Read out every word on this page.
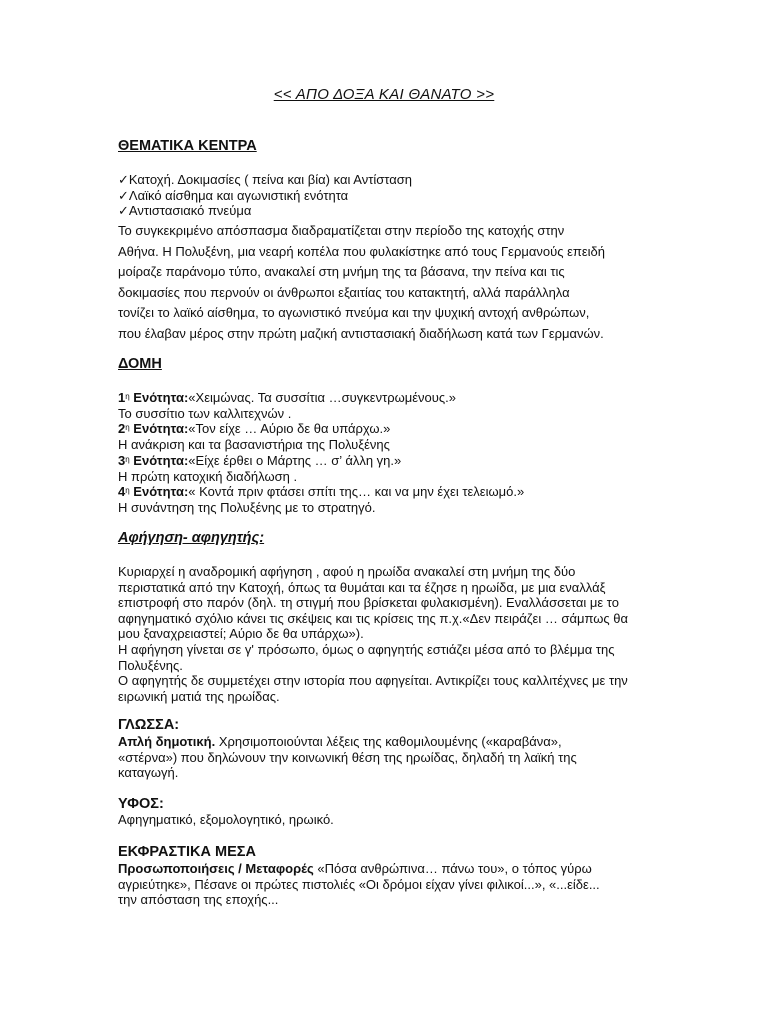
<< ΑΠΟ ΔΟΞΑ ΚΑΙ ΘΑΝΑΤΟ >>
ΘΕΜΑΤΙΚΑ ΚΕΝΤΡΑ
✓ Κατοχή. Δοκιμασίες ( πείνα και βία) και Αντίσταση
✓ Λαϊκό αίσθημα και αγωνιστική ενότητα
✓ Αντιστασιακό πνεύμα
Το συγκεκριμένο απόσπασμα διαδραματίζεται στην περίοδο της κατοχής στην
Αθήνα. Η Πολυξένη, μια νεαρή κοπέλα που φυλακίστηκε από τους Γερμανούς επειδή
μοίραζε παράνομο τύπο, ανακαλεί στη μνήμη της τα βάσανα, την πείνα και τις
δοκιμασίες που περνούν οι άνθρωποι εξαιτίας του κατακτητή, αλλά παράλληλα
τονίζει το λαϊκό αίσθημα, το αγωνιστικό πνεύμα και την ψυχική αντοχή ανθρώπων,
που έλαβαν μέρος στην πρώτη μαζική αντιστασιακή διαδήλωση κατά των Γερμανών.
ΔΟΜΗ
$1^\eta$ Ενότητα:«Χειμώνας. Τα συσσίτια …συγκεντρωμένους.»
Το συσσίτιο των καλλιτεχνών .
$2^\eta$ Ενότητα:«Τον είχε … Αύριο δε θα υπάρχω.»
Η ανάκριση και τα βασανιστήρια της Πολυξένης
$3^\eta$ Ενότητα:«Είχε έρθει ο Μάρτης … σ’ άλλη γη.»
Η πρώτη κατοχική διαδήλωση .
$4^\eta$ Ενότητα:« Κοντά πριν φτάσει σπίτι της… και να μην έχει τελειωμό.»
Η συνάντηση της Πολυξένης με το στρατηγό.
Αφήγηση- αφηγητής:
Κυριαρχεί η αναδρομική αφήγηση , αφού η ηρωίδα ανακαλεί στη μνήμη της δύο
περιστατικά από την Κατοχή, όπως τα θυμάται και τα έζησε η ηρωίδα, με μια εναλλάξ
επιστροφή στο παρόν (δηλ. τη στιγμή που βρίσκεται φυλακισμένη). Εναλλάσσεται με το
αφηγηματικό σχόλιο κάνει τις σκέψεις και τις κρίσεις της π.χ.«Δεν πειράζει … σάμπως θα
μου ξαναχρειαστεί; Αύριο δε θα υπάρχω»).
Η αφήγηση γίνεται σε γ' πρόσωπο, όμως ο αφηγητής εστιάζει μέσα από το βλέμμα της
Πολυξένης.
Ο αφηγητής δε συμμετέχει στην ιστορία που αφηγείται. Αντικρίζει τους καλλιτέχνες με την
ειρωνική ματιά της ηρωίδας.
ΓΛΩΣΣΑ:
Απλή δημοτική. Χρησιμοποιούνται λέξεις της καθομιλουμένης («καραβάνα»,
«στέρνα») που δηλώνουν την κοινωνική θέση της ηρωίδας, δηλαδή τη λαϊκή της
καταγωγή.
ΥΦΟΣ:
Αφηγηματικό, εξομολογητικό, ηρωικό.
ΕΚΦΡΑΣΤΙΚΑ ΜΕΣΑ
Προσωποποιήσεις / Μεταφορές «Πόσα ανθρώπινα… πάνω του», ο τόπος γύρω
αγριεύτηκε», Πέσανε οι πρώτες πιστολιές «Οι δρόμοι είχαν γίνει φιλικοί...», «...είδε...
την απόσταση της εποχής...
